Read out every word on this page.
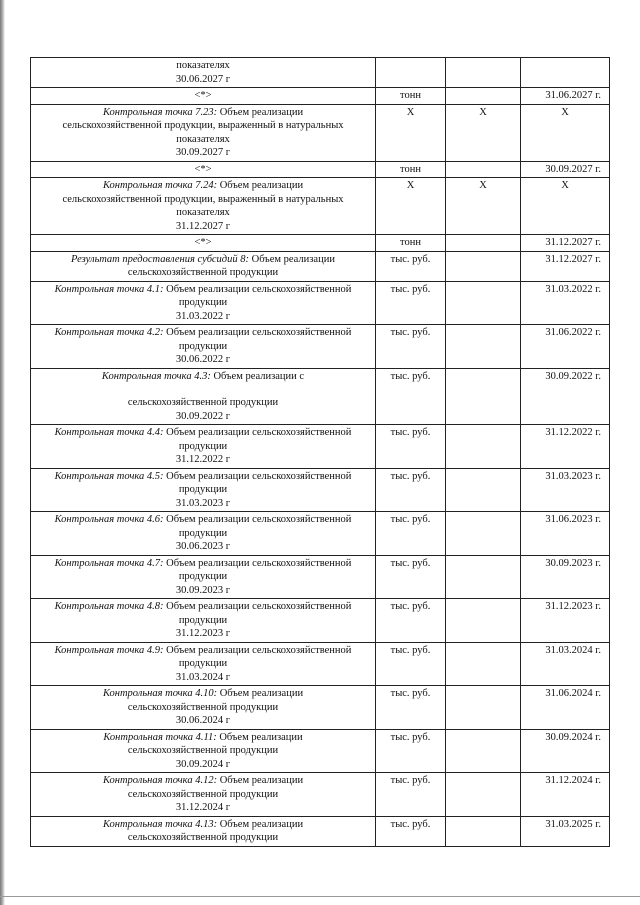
показателях
30.06.2027 г			

<*>	тонн		31.06.2027 г.

Контрольная точка 7.23: Объем реализации
сельскохозяйственной продукции, выраженный в натуральных
показателях
30.09.2027 г	X	X	X

<*>	тонн		30.09.2027 г.

Контрольная точка 7.24: Объем реализации
сельскохозяйственной продукции, выраженный в натуральных
показателях
31.12.2027 г	X	X	X

<*>	тонн		31.12.2027 г.

Результат предоставления субсидий 8: Объем реализации
сельскохозяйственной продукции	тыс. руб.		31.12.2027 г.

Контрольная точка 4.1: Объем реализации сельскохозяйственной
продукции
31.03.2022 г	тыс. руб.		31.03.2022 г.

Контрольная точка 4.2: Объем реализации сельскохозяйственной
продукции
30.06.2022 г	тыс. руб.		31.06.2022 г.

Контрольная точка 4.3: Объем реализации с
сельскохозяйственной продукции
30.09.2022 г	тыс. руб.		30.09.2022 г.

Контрольная точка 4.4: Объем реализации сельскохозяйственной
продукции
31.12.2022 г	тыс. руб.		31.12.2022 г.

Контрольная точка 4.5: Объем реализации сельскохозяйственной
продукции
31.03.2023 г	тыс. руб.		31.03.2023 г.

Контрольная точка 4.6: Объем реализации сельскохозяйственной
продукции
30.06.2023 г	тыс. руб.		31.06.2023 г.

Контрольная точка 4.7: Объем реализации сельскохозяйственной
продукции
30.09.2023 г	тыс. руб.		30.09.2023 г.

Контрольная точка 4.8: Объем реализации сельскохозяйственной
продукции
31.12.2023 г	тыс. руб.		31.12.2023 г.

Контрольная точка 4.9: Объем реализации сельскохозяйственной
продукции
31.03.2024 г	тыс. руб.		31.03.2024 г.

Контрольная точка 4.10: Объем реализации
сельскохозяйственной продукции
30.06.2024 г	тыс. руб.		31.06.2024 г.

Контрольная точка 4.11: Объем реализации
сельскохозяйственной продукции
30.09.2024 г	тыс. руб.		30.09.2024 г.

Контрольная точка 4.12: Объем реализации
сельскохозяйственной продукции
31.12.2024 г	тыс. руб.		31.12.2024 г.

Контрольная точка 4.13: Объем реализации
сельскохозяйственной продукции	тыс. руб.		31.03.2025 г.
